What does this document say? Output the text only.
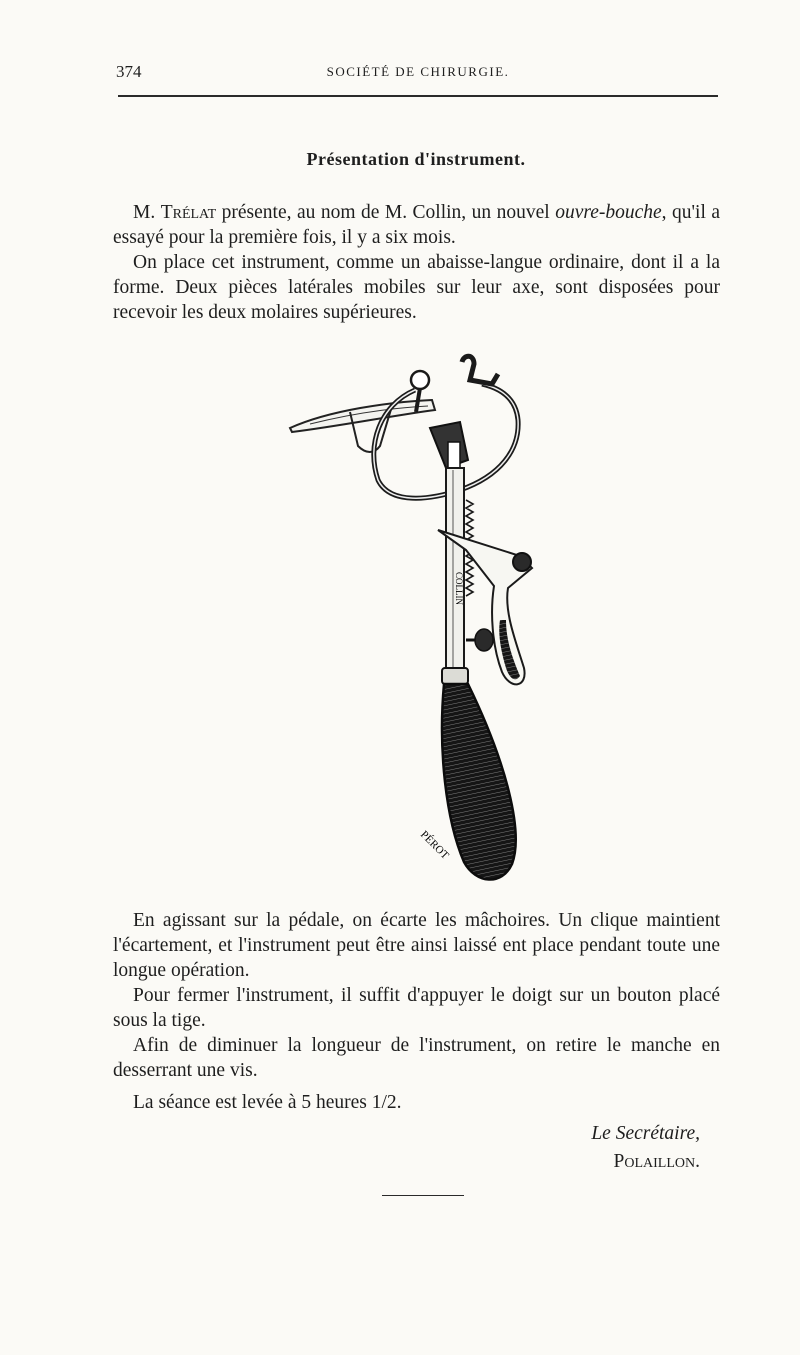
374	SOCIÉTÉ DE CHIRURGIE.
Présentation d'instrument.

M. Trélat présente, au nom de M. Collin, un nouvel ouvre-bouche, qu'il a essayé pour la première fois, il y a six mois.

On place cet instrument, comme un abaisse-langue ordinaire, dont il a la forme. Deux pièces latérales mobiles sur leur axe, sont disposées pour recevoir les deux molaires supérieures.

COLLIN
PÉROT

En agissant sur la pédale, on écarte les mâchoires. Un clique maintient l'écartement, et l'instrument peut être ainsi laissé ent place pendant toute une longue opération.

Pour fermer l'instrument, il suffit d'appuyer le doigt sur un bouton placé sous la tige.

Afin de diminuer la longueur de l'instrument, on retire le manche en desserrant une vis.

La séance est levée à 5 heures 1/2.

Le Secrétaire,
Polaillon.
